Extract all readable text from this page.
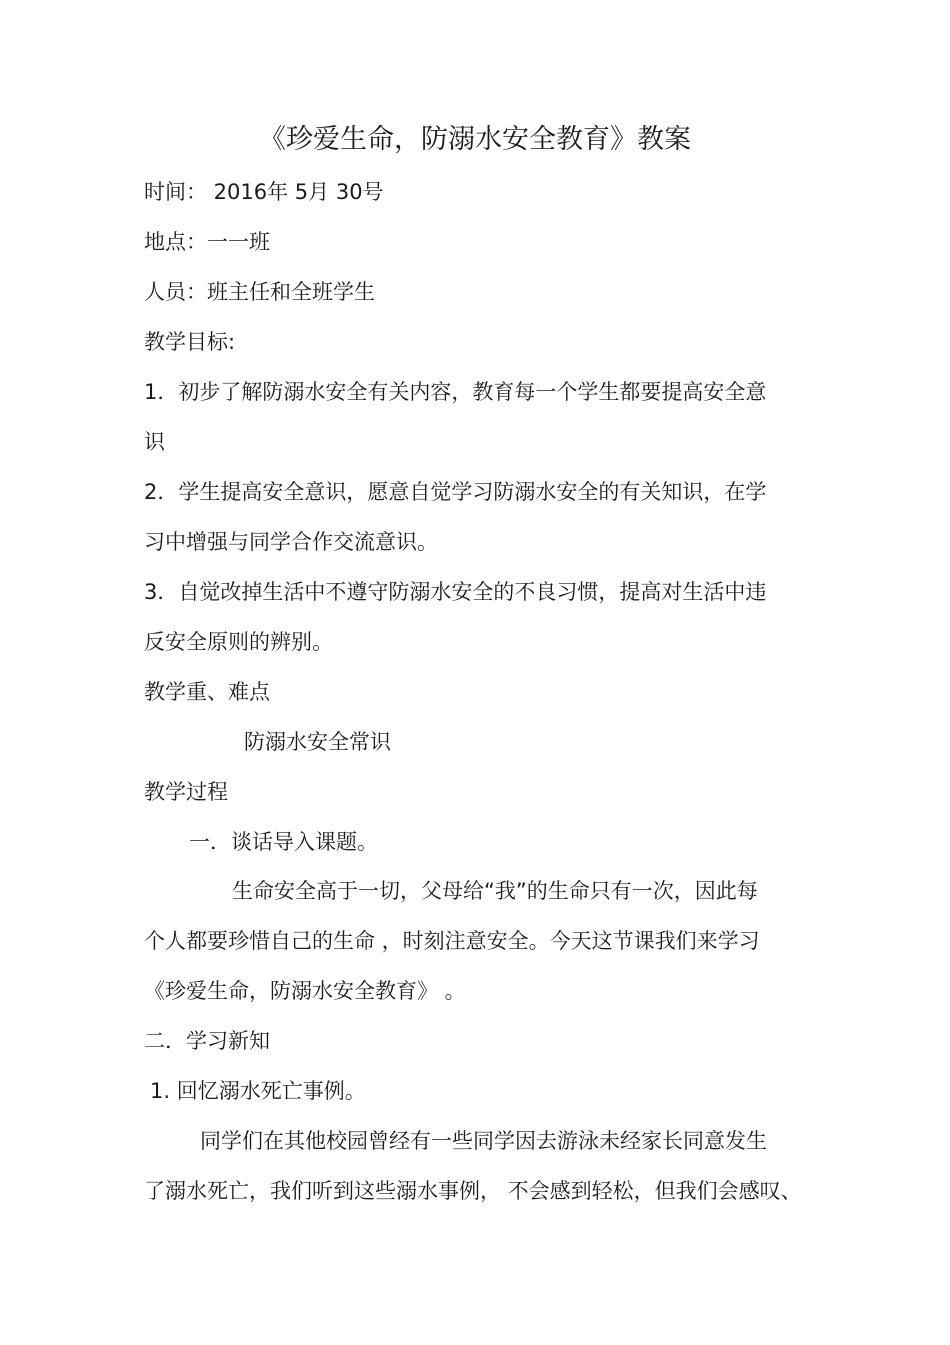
《珍爱生命，防溺水安全教育》教案
时间： 2016年 5月 30号
地点：一一班
人员：班主任和全班学生
教学目标:
1．初步了解防溺水安全有关内容，教育每一个学生都要提高安全意
识
2．学生提高安全意识，愿意自觉学习防溺水安全的有关知识，在学
习中增强与同学合作交流意识。
3．自觉改掉生活中不遵守防溺水安全的不良习惯，提高对生活中违
反安全原则的辨别。
教学重、难点
防溺水安全常识
教学过程
一．谈话导入课题。
生命安全高于一切，父母给“我”的生命只有一次，因此每
个人都要珍惜自己的生命 ，时刻注意安全。今天这节课我们来学习
《珍爱生命，防溺水安全教育》 。
二．学习新知
1. 回忆溺水死亡事例。
同学们在其他校园曾经有一些同学因去游泳未经家长同意发生
了溺水死亡，我们听到这些溺水事例， 不会感到轻松，但我们会感叹、
